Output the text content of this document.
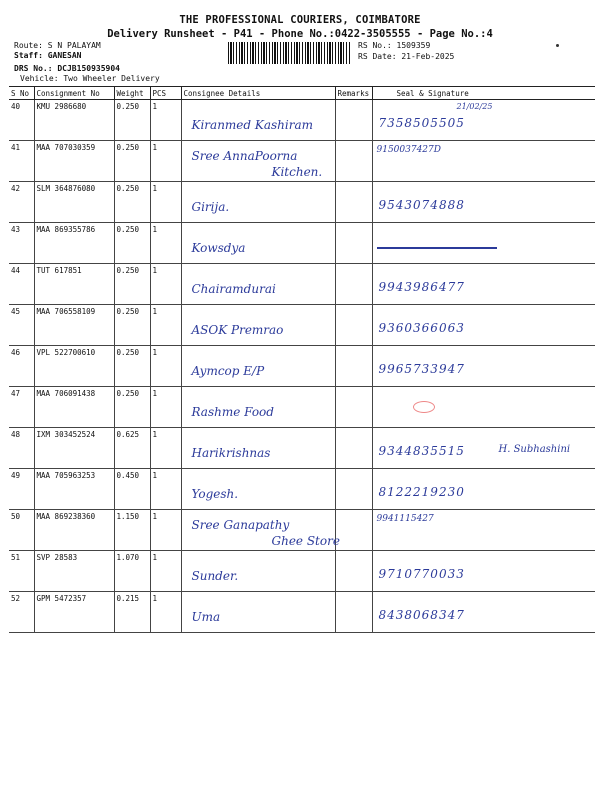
THE PROFESSIONAL COURIERS, COIMBATORE
Delivery Runsheet - P41 - Phone No.:0422-3505555 - Page No.:4
Route: S N PALAYAM
Staff: GANESAN
DRS No.: DCJB150935904
Vehicle: Two Wheeler Delivery
RS No.: 1509359
RS Date: 21-Feb-2025
S No	Consignment No	Weight	PCS	Consignee Details	Remarks	Seal & Signature
40	KMU 2986680	0.250	1	Kiranmed Kashiram		7358505505
21/02/25

41	MAA 707030359	0.250	1	Sree AnnaPoorna
Kitchen.		9150037427D

42	SLM 364876080	0.250	1	Girija.		9543074888

43	MAA 869355786	0.250	1	Kowsdya		

44	TUT 617851	0.250	1	Chairamdurai		9943986477

45	MAA 706558109	0.250	1	ASOK Premrao		9360366063

46	VPL 522700610	0.250	1	Aymcop E/P		9965733947

47	MAA 706091438	0.250	1	Rashme Food		

48	IXM 303452524	0.625	1	Harikrishnas		9344835515 H. Subhashini

49	MAA 705963253	0.450	1	Yogesh.		8122219230

50	MAA 869238360	1.150	1	Sree Ganapathy
Ghee Store		9941115427

51	SVP 28583	1.070	1	Sunder.		9710770033

52	GPM 5472357	0.215	1	Uma		8438068347
